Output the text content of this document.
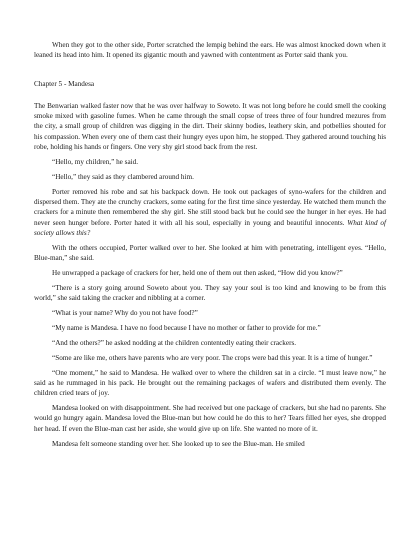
When they got to the other side, Porter scratched the lempig behind the ears. He was almost knocked down when it leaned its head into him. It opened its gigantic mouth and yawned with contentment as Porter said thank you.

Chapter 5 - Mandesa

The Benwarian walked faster now that he was over halfway to Soweto. It was not long before he could smell the cooking smoke mixed with gasoline fumes. When he came through the small copse of trees three of four hundred mezures from the city, a small group of children was digging in the dirt. Their skinny bodies, leathery skin, and potbellies shouted for his compassion. When every one of them cast their hungry eyes upon him, he stopped. They gathered around touching his robe, holding his hands or fingers. One very shy girl stood back from the rest.

“Hello, my children,” he said.

“Hello,” they said as they clambered around him.

Porter removed his robe and sat his backpack down. He took out packages of syno-wafers for the children and dispersed them. They ate the crunchy crackers, some eating for the first time since yesterday. He watched them munch the crackers for a minute then remembered the shy girl. She still stood back but he could see the hunger in her eyes. He had never seen hunger before. Porter hated it with all his soul, especially in young and beautiful innocents. What kind of society allows this?

With the others occupied, Porter walked over to her. She looked at him with penetrating, intelligent eyes. “Hello, Blue-man,” she said.

He unwrapped a package of crackers for her, held one of them out then asked, “How did you know?”

“There is a story going around Soweto about you. They say your soul is too kind and knowing to be from this world,” she said taking the cracker and nibbling at a corner.

“What is your name? Why do you not have food?”

“My name is Mandesa. I have no food because I have no mother or father to provide for me.”

“And the others?” he asked nodding at the children contentedly eating their crackers.

“Some are like me, others have parents who are very poor. The crops were bad this year. It is a time of hunger.”

“One moment,” he said to Mandesa. He walked over to where the children sat in a circle. “I must leave now,” he said as he rummaged in his pack. He brought out the remaining packages of wafers and distributed them evenly. The children cried tears of joy.

Mandesa looked on with disappointment. She had received but one package of crackers, but she had no parents. She would go hungry again. Mandesa loved the Blue-man but how could he do this to her? Tears filled her eyes, she dropped her head. If even the Blue-man cast her aside, she would give up on life. She wanted no more of it.

Mandesa felt someone standing over her. She looked up to see the Blue-man. He smiled
